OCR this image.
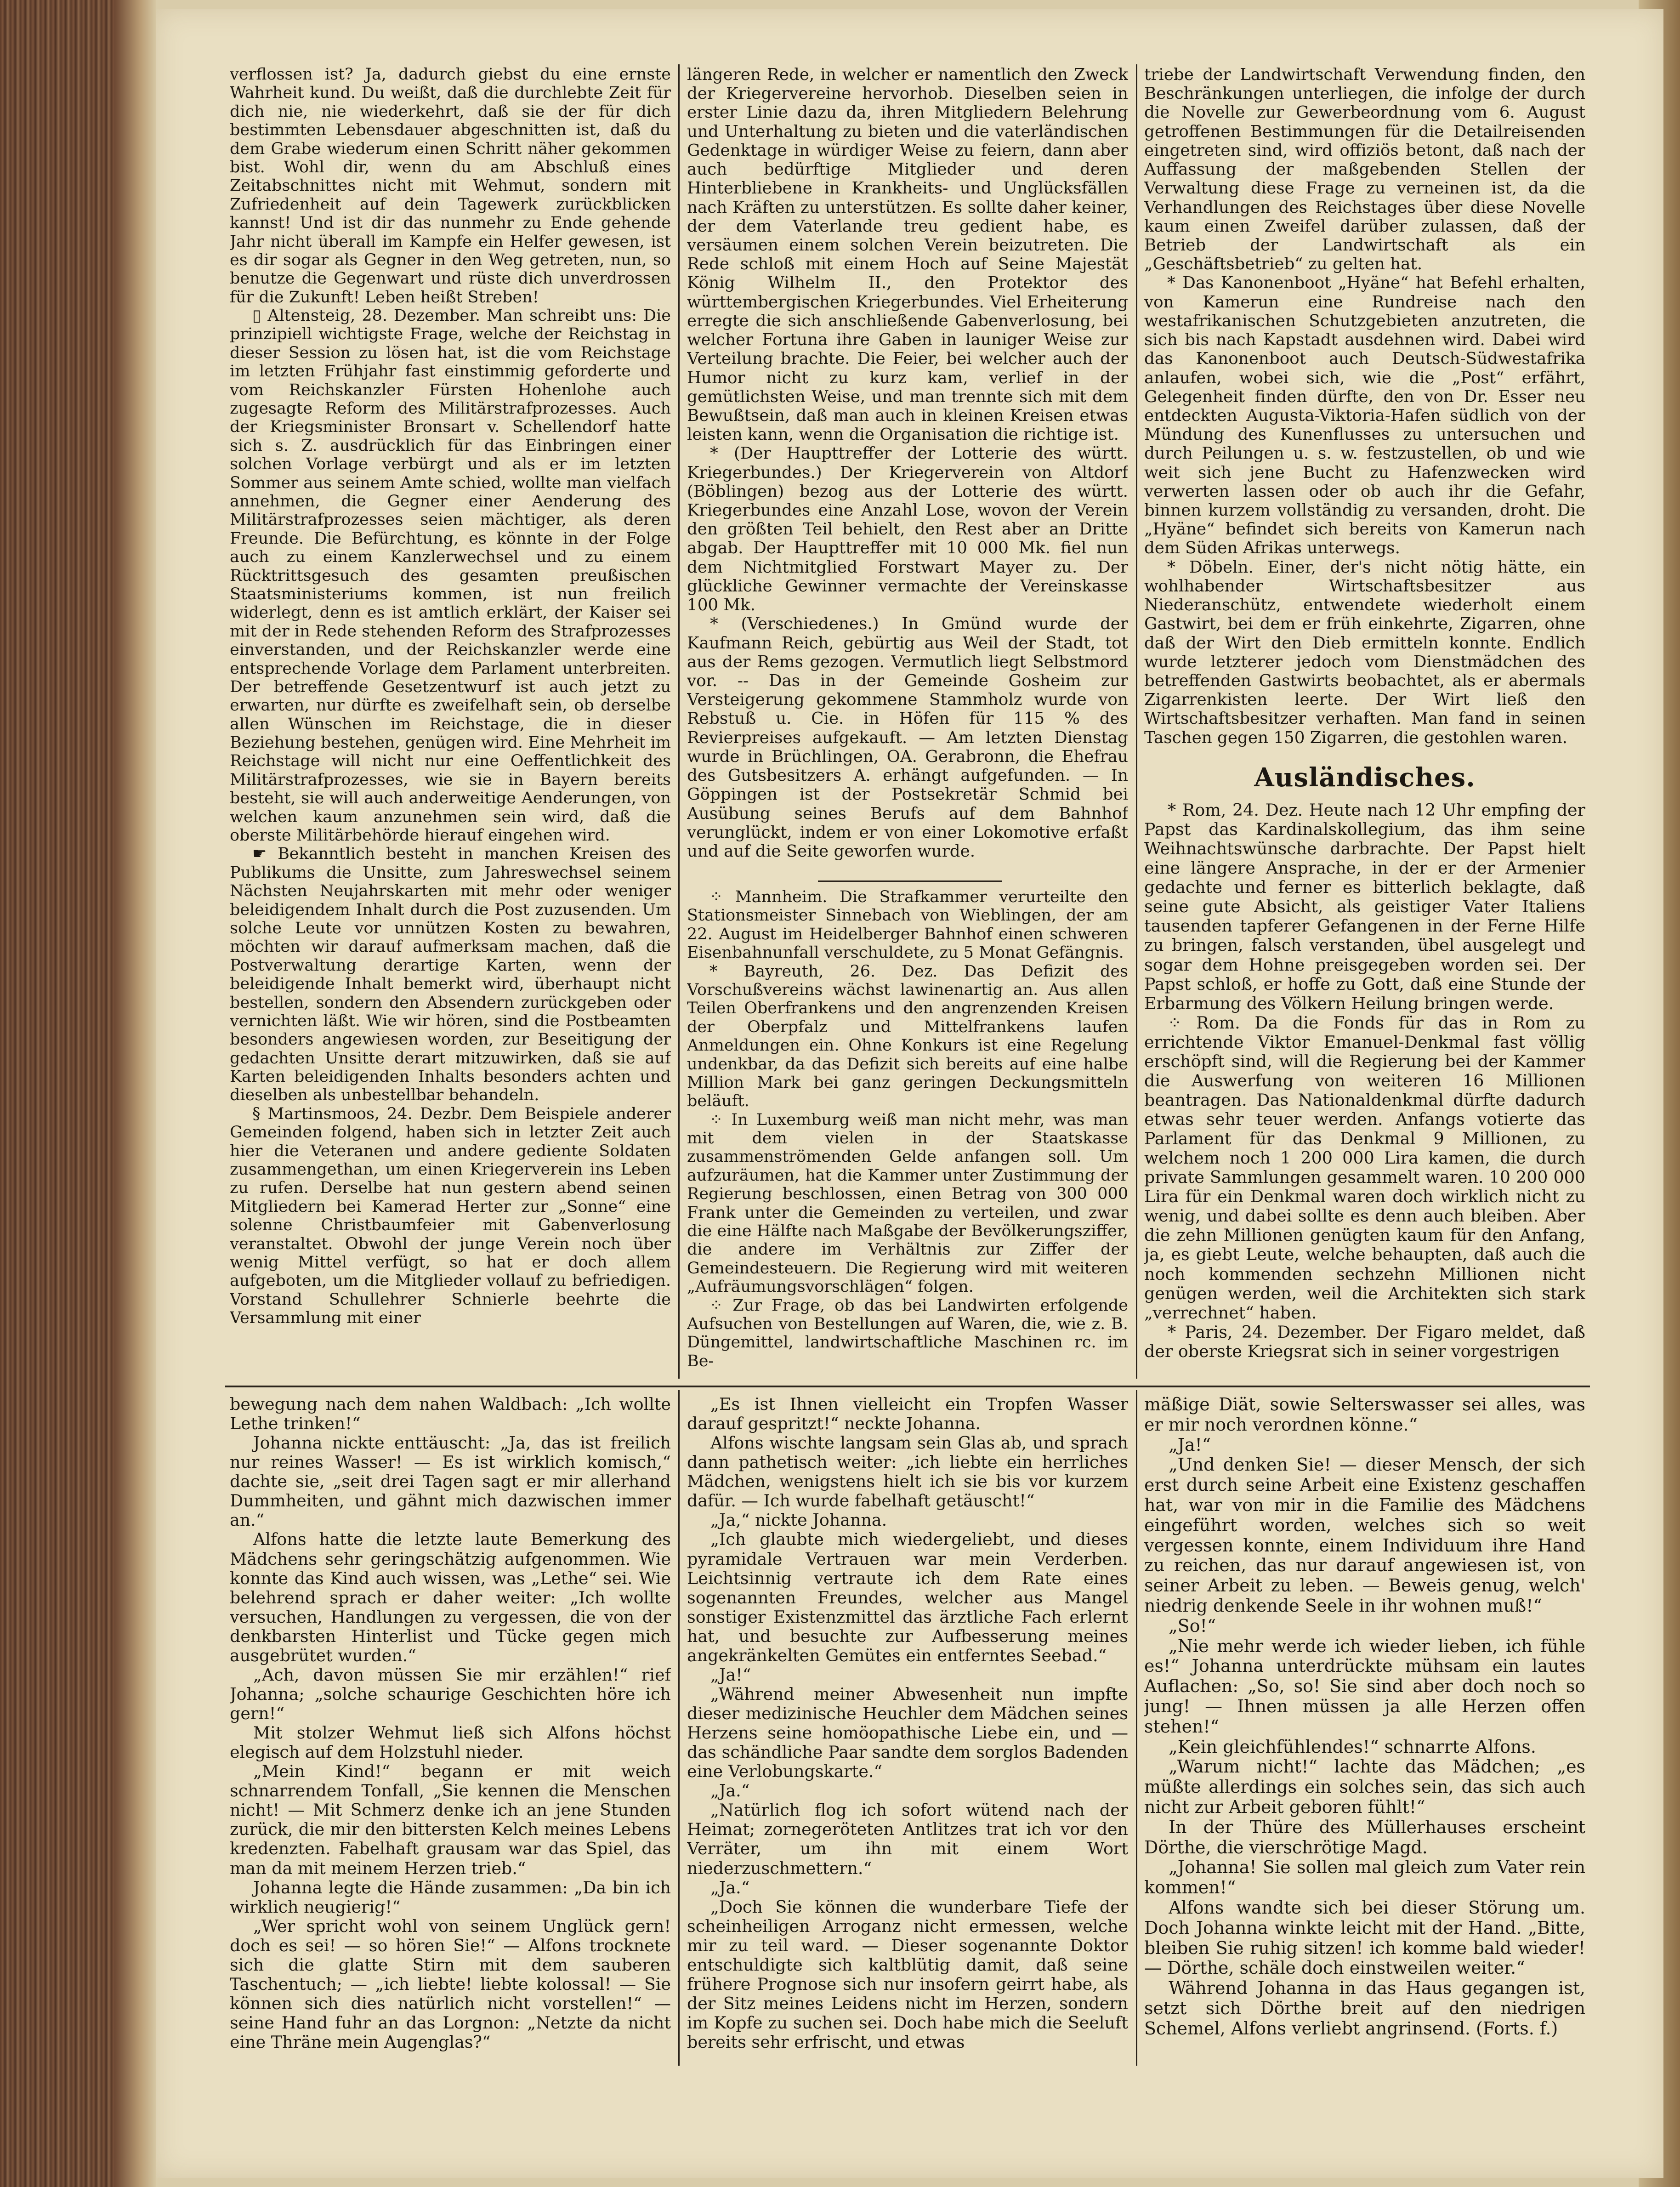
verflossen ist? Ja, dadurch giebst du eine ernste Wahrheit kund. Du weißt, daß die durchlebte Zeit für dich nie, nie wiederkehrt, daß sie der für dich bestimmten Lebensdauer abgeschnitten ist, daß du dem Grabe wiederum einen Schritt näher gekommen bist. Wohl dir, wenn du am Abschluß eines Zeitabschnittes nicht mit Wehmut, sondern mit Zufriedenheit auf dein Tagewerk zurückblicken kannst! Und ist dir das nunmehr zu Ende gehende Jahr nicht überall im Kampfe ein Helfer gewesen, ist es dir sogar als Gegner in den Weg getreten, nun, so benutze die Gegenwart und rüste dich unverdrossen für die Zukunft! Leben heißt Streben!

▯ Altensteig, 28. Dezember. Man schreibt uns: Die prinzipiell wichtigste Frage, welche der Reichstag in dieser Session zu lösen hat, ist die vom Reichstage im letzten Frühjahr fast einstimmig geforderte und vom Reichskanzler Fürsten Hohenlohe auch zugesagte Reform des Militärstrafprozesses. Auch der Kriegsminister Bronsart v. Schellendorf hatte sich s. Z. ausdrücklich für das Einbringen einer solchen Vorlage verbürgt und als er im letzten Sommer aus seinem Amte schied, wollte man vielfach annehmen, die Gegner einer Aenderung des Militärstrafprozesses seien mächtiger, als deren Freunde. Die Befürchtung, es könnte in der Folge auch zu einem Kanzlerwechsel und zu einem Rücktrittsgesuch des gesamten preußischen Staatsministeriums kommen, ist nun freilich widerlegt, denn es ist amtlich erklärt, der Kaiser sei mit der in Rede stehenden Reform des Strafprozesses einverstanden, und der Reichskanzler werde eine entsprechende Vorlage dem Parlament unterbreiten. Der betreffende Gesetzentwurf ist auch jetzt zu erwarten, nur dürfte es zweifelhaft sein, ob derselbe allen Wünschen im Reichstage, die in dieser Beziehung bestehen, genügen wird. Eine Mehrheit im Reichstage will nicht nur eine Oeffentlichkeit des Militärstrafprozesses, wie sie in Bayern bereits besteht, sie will auch anderweitige Aenderungen, von welchen kaum anzunehmen sein wird, daß die oberste Militärbehörde hierauf eingehen wird.

☛ Bekanntlich besteht in manchen Kreisen des Publikums die Unsitte, zum Jahreswechsel seinem Nächsten Neujahrskarten mit mehr oder weniger beleidigendem Inhalt durch die Post zuzusenden. Um solche Leute vor unnützen Kosten zu bewahren, möchten wir darauf aufmerksam machen, daß die Postverwaltung derartige Karten, wenn der beleidigende Inhalt bemerkt wird, überhaupt nicht bestellen, sondern den Absendern zurückgeben oder vernichten läßt. Wie wir hören, sind die Postbeamten besonders angewiesen worden, zur Beseitigung der gedachten Unsitte derart mitzuwirken, daß sie auf Karten beleidigenden Inhalts besonders achten und dieselben als unbestellbar behandeln.

§ Martinsmoos, 24. Dezbr. Dem Beispiele anderer Gemeinden folgend, haben sich in letzter Zeit auch hier die Veteranen und andere gediente Soldaten zusammengethan, um einen Kriegerverein ins Leben zu rufen. Derselbe hat nun gestern abend seinen Mitgliedern bei Kamerad Herter zur „Sonne“ eine solenne Christbaumfeier mit Gabenverlosung veranstaltet. Obwohl der junge Verein noch über wenig Mittel verfügt, so hat er doch allem aufgeboten, um die Mitglieder vollauf zu befriedigen. Vorstand Schullehrer Schnierle beehrte die Versammlung mit einer

längeren Rede, in welcher er namentlich den Zweck der Kriegervereine hervorhob. Dieselben seien in erster Linie dazu da, ihren Mitgliedern Belehrung und Unterhaltung zu bieten und die vaterländischen Gedenktage in würdiger Weise zu feiern, dann aber auch bedürftige Mitglieder und deren Hinterbliebene in Krankheits- und Unglücksfällen nach Kräften zu unterstützen. Es sollte daher keiner, der dem Vaterlande treu gedient habe, es versäumen einem solchen Verein beizutreten. Die Rede schloß mit einem Hoch auf Seine Majestät König Wilhelm II., den Protektor des württembergischen Kriegerbundes. Viel Erheiterung erregte die sich anschließende Gabenverlosung, bei welcher Fortuna ihre Gaben in launiger Weise zur Verteilung brachte. Die Feier, bei welcher auch der Humor nicht zu kurz kam, verlief in der gemütlichsten Weise, und man trennte sich mit dem Bewußtsein, daß man auch in kleinen Kreisen etwas leisten kann, wenn die Organisation die richtige ist.

* (Der Haupttreffer der Lotterie des württ. Kriegerbundes.) Der Kriegerverein von Altdorf (Böblingen) bezog aus der Lotterie des württ. Kriegerbundes eine Anzahl Lose, wovon der Verein den größten Teil behielt, den Rest aber an Dritte abgab. Der Haupttreffer mit 10 000 Mk. fiel nun dem Nichtmitglied Forstwart Mayer zu. Der glückliche Gewinner vermachte der Vereinskasse 100 Mk.

* (Verschiedenes.) In Gmünd wurde der Kaufmann Reich, gebürtig aus Weil der Stadt, tot aus der Rems gezogen. Vermutlich liegt Selbstmord vor. -- Das in der Gemeinde Gosheim zur Versteigerung gekommene Stammholz wurde von Rebstuß u. Cie. in Höfen für 115 % des Revierpreises aufgekauft. — Am letzten Dienstag wurde in Brüchlingen, OA. Gerabronn, die Ehefrau des Gutsbesitzers A. erhängt aufgefunden. — In Göppingen ist der Postsekretär Schmid bei Ausübung seines Berufs auf dem Bahnhof verunglückt, indem er von einer Lokomotive erfaßt und auf die Seite geworfen wurde.

⁘ Mannheim. Die Strafkammer verurteilte den Stationsmeister Sinnebach von Wieblingen, der am 22. August im Heidelberger Bahnhof einen schweren Eisenbahnunfall verschuldete, zu 5 Monat Gefängnis.

* Bayreuth, 26. Dez. Das Defizit des Vorschußvereins wächst lawinenartig an. Aus allen Teilen Oberfrankens und den angrenzenden Kreisen der Oberpfalz und Mittelfrankens laufen Anmeldungen ein. Ohne Konkurs ist eine Regelung undenkbar, da das Defizit sich bereits auf eine halbe Million Mark bei ganz geringen Deckungsmitteln beläuft.

⁘ In Luxemburg weiß man nicht mehr, was man mit dem vielen in der Staatskasse zusammenströmenden Gelde anfangen soll. Um aufzuräumen, hat die Kammer unter Zustimmung der Regierung beschlossen, einen Betrag von 300 000 Frank unter die Gemeinden zu verteilen, und zwar die eine Hälfte nach Maßgabe der Bevölkerungsziffer, die andere im Verhältnis zur Ziffer der Gemeindesteuern. Die Regierung wird mit weiteren „Aufräumungsvorschlägen“ folgen.

⁘ Zur Frage, ob das bei Landwirten erfolgende Aufsuchen von Bestellungen auf Waren, die, wie z. B. Düngemittel, landwirtschaftliche Maschinen rc. im Be-

triebe der Landwirtschaft Verwendung finden, den Beschränkungen unterliegen, die infolge der durch die Novelle zur Gewerbeordnung vom 6. August getroffenen Bestimmungen für die Detailreisenden eingetreten sind, wird offiziös betont, daß nach der Auffassung der maßgebenden Stellen der Verwaltung diese Frage zu verneinen ist, da die Verhandlungen des Reichstages über diese Novelle kaum einen Zweifel darüber zulassen, daß der Betrieb der Landwirtschaft als ein „Geschäftsbetrieb“ zu gelten hat.

* Das Kanonenboot „Hyäne“ hat Befehl erhalten, von Kamerun eine Rundreise nach den westafrikanischen Schutzgebieten anzutreten, die sich bis nach Kapstadt ausdehnen wird. Dabei wird das Kanonenboot auch Deutsch-Südwestafrika anlaufen, wobei sich, wie die „Post“ erfährt, Gelegenheit finden dürfte, den von Dr. Esser neu entdeckten Augusta-Viktoria-Hafen südlich von der Mündung des Kunenflusses zu untersuchen und durch Peilungen u. s. w. festzustellen, ob und wie weit sich jene Bucht zu Hafenzwecken wird verwerten lassen oder ob auch ihr die Gefahr, binnen kurzem vollständig zu versanden, droht. Die „Hyäne“ befindet sich bereits von Kamerun nach dem Süden Afrikas unterwegs.

* Döbeln. Einer, der's nicht nötig hätte, ein wohlhabender Wirtschaftsbesitzer aus Niederanschütz, entwendete wiederholt einem Gastwirt, bei dem er früh einkehrte, Zigarren, ohne daß der Wirt den Dieb ermitteln konnte. Endlich wurde letzterer jedoch vom Dienstmädchen des betreffenden Gastwirts beobachtet, als er abermals Zigarrenkisten leerte. Der Wirt ließ den Wirtschaftsbesitzer verhaften. Man fand in seinen Taschen gegen 150 Zigarren, die gestohlen waren.

Ausländisches.

* Rom, 24. Dez. Heute nach 12 Uhr empfing der Papst das Kardinalskollegium, das ihm seine Weihnachtswünsche darbrachte. Der Papst hielt eine längere Ansprache, in der er der Armenier gedachte und ferner es bitterlich beklagte, daß seine gute Absicht, als geistiger Vater Italiens tausenden tapferer Gefangenen in der Ferne Hilfe zu bringen, falsch verstanden, übel ausgelegt und sogar dem Hohne preisgegeben worden sei. Der Papst schloß, er hoffe zu Gott, daß eine Stunde der Erbarmung des Völkern Heilung bringen werde.

⁘ Rom. Da die Fonds für das in Rom zu errichtende Viktor Emanuel-Denkmal fast völlig erschöpft sind, will die Regierung bei der Kammer die Auswerfung von weiteren 16 Millionen beantragen. Das Nationaldenkmal dürfte dadurch etwas sehr teuer werden. Anfangs votierte das Parlament für das Denkmal 9 Millionen, zu welchem noch 1 200 000 Lira kamen, die durch private Sammlungen gesammelt waren. 10 200 000 Lira für ein Denkmal waren doch wirklich nicht zu wenig, und dabei sollte es denn auch bleiben. Aber die zehn Millionen genügten kaum für den Anfang, ja, es giebt Leute, welche behaupten, daß auch die noch kommenden sechzehn Millionen nicht genügen werden, weil die Architekten sich stark „verrechnet“ haben.

* Paris, 24. Dezember. Der Figaro meldet, daß der oberste Kriegsrat sich in seiner vorgestrigen

bewegung nach dem nahen Waldbach: „Ich wollte Lethe trinken!“

Johanna nickte enttäuscht: „Ja, das ist freilich nur reines Wasser! — Es ist wirklich komisch,“ dachte sie, „seit drei Tagen sagt er mir allerhand Dummheiten, und gähnt mich dazwischen immer an.“

Alfons hatte die letzte laute Bemerkung des Mädchens sehr geringschätzig aufgenommen. Wie konnte das Kind auch wissen, was „Lethe“ sei. Wie belehrend sprach er daher weiter: „Ich wollte versuchen, Handlungen zu vergessen, die von der denkbarsten Hinterlist und Tücke gegen mich ausgebrütet wurden.“

„Ach, davon müssen Sie mir erzählen!“ rief Johanna; „solche schaurige Geschichten höre ich gern!“

Mit stolzer Wehmut ließ sich Alfons höchst elegisch auf dem Holzstuhl nieder.

„Mein Kind!“ begann er mit weich schnarrendem Tonfall, „Sie kennen die Menschen nicht! — Mit Schmerz denke ich an jene Stunden zurück, die mir den bittersten Kelch meines Lebens kredenzten. Fabelhaft grausam war das Spiel, das man da mit meinem Herzen trieb.“

Johanna legte die Hände zusammen: „Da bin ich wirklich neugierig!“

„Wer spricht wohl von seinem Unglück gern! doch es sei! — so hören Sie!“ — Alfons trocknete sich die glatte Stirn mit dem sauberen Taschentuch; — „ich liebte! liebte kolossal! — Sie können sich dies natürlich nicht vorstellen!“ — seine Hand fuhr an das Lorgnon: „Netzte da nicht eine Thräne mein Augenglas?“

„Es ist Ihnen vielleicht ein Tropfen Wasser darauf gespritzt!“ neckte Johanna.

Alfons wischte langsam sein Glas ab, und sprach dann pathetisch weiter: „ich liebte ein herrliches Mädchen, wenigstens hielt ich sie bis vor kurzem dafür. — Ich wurde fabelhaft getäuscht!“

„Ja,“ nickte Johanna.

„Ich glaubte mich wiedergeliebt, und dieses pyramidale Vertrauen war mein Verderben. Leichtsinnig vertraute ich dem Rate eines sogenannten Freundes, welcher aus Mangel sonstiger Existenzmittel das ärztliche Fach erlernt hat, und besuchte zur Aufbesserung meines angekränkelten Gemütes ein entferntes Seebad.“

„Ja!“

„Während meiner Abwesenheit nun impfte dieser medizinische Heuchler dem Mädchen seines Herzens seine homöopathische Liebe ein, und — das schändliche Paar sandte dem sorglos Badenden eine Verlobungskarte.“

„Ja.“

„Natürlich flog ich sofort wütend nach der Heimat; zornegeröteten Antlitzes trat ich vor den Verräter, um ihn mit einem Wort niederzuschmettern.“

„Ja.“

„Doch Sie können die wunderbare Tiefe der scheinheiligen Arroganz nicht ermessen, welche mir zu teil ward. — Dieser sogenannte Doktor entschuldigte sich kaltblütig damit, daß seine frühere Prognose sich nur insofern geirrt habe, als der Sitz meines Leidens nicht im Herzen, sondern im Kopfe zu suchen sei. Doch habe mich die Seeluft bereits sehr erfrischt, und etwas

mäßige Diät, sowie Selterswasser sei alles, was er mir noch verordnen könne.“

„Ja!“

„Und denken Sie! — dieser Mensch, der sich erst durch seine Arbeit eine Existenz geschaffen hat, war von mir in die Familie des Mädchens eingeführt worden, welches sich so weit vergessen konnte, einem Individuum ihre Hand zu reichen, das nur darauf angewiesen ist, von seiner Arbeit zu leben. — Beweis genug, welch' niedrig denkende Seele in ihr wohnen muß!“

„So!“

„Nie mehr werde ich wieder lieben, ich fühle es!“ Johanna unterdrückte mühsam ein lautes Auflachen: „So, so! Sie sind aber doch noch so jung! — Ihnen müssen ja alle Herzen offen stehen!“

„Kein gleichfühlendes!“ schnarrte Alfons.

„Warum nicht!“ lachte das Mädchen; „es müßte allerdings ein solches sein, das sich auch nicht zur Arbeit geboren fühlt!“

In der Thüre des Müllerhauses erscheint Dörthe, die vierschrötige Magd.

„Johanna! Sie sollen mal gleich zum Vater rein kommen!“

Alfons wandte sich bei dieser Störung um. Doch Johanna winkte leicht mit der Hand. „Bitte, bleiben Sie ruhig sitzen! ich komme bald wieder! — Dörthe, schäle doch einstweilen weiter.“

Während Johanna in das Haus gegangen ist, setzt sich Dörthe breit auf den niedrigen Schemel, Alfons verliebt angrinsend. (Forts. f.)
